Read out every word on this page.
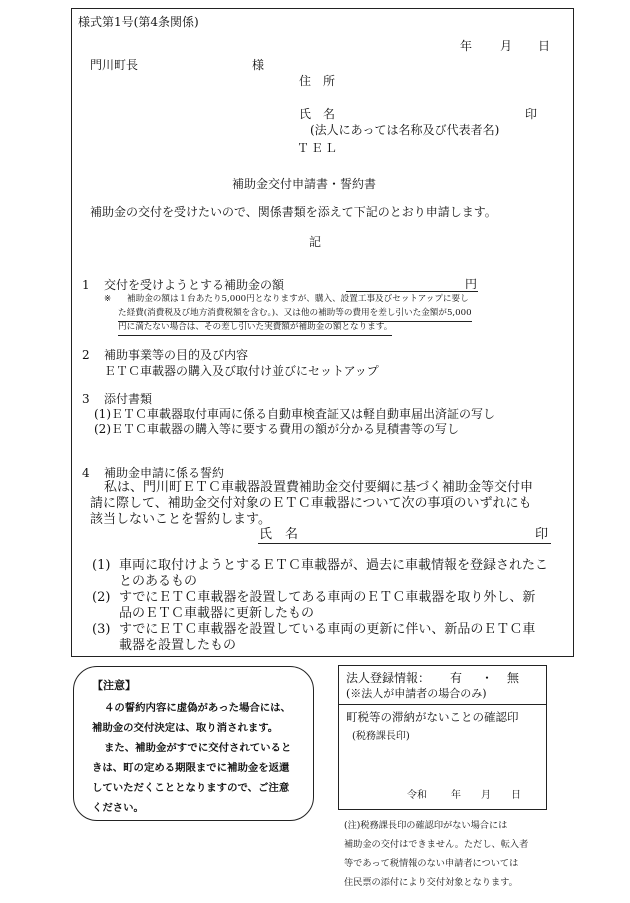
様式第1号(第4条関係)
年 月 日
門川町長	様
住　所
氏　名	印
(法人にあっては名称及び代表者名)
ＴＥＬ
補助金交付申請書・誓約書
補助金の交付を受けたいので、関係書類を添えて下記のとおり申請します。
記
1 交付を受けようとする補助金の額	円
※ 補助金の額は１台あたり5,000円となりますが、購入、設置工事及びセットアップに要し
た経費(消費税及び地方消費税額を含む。)、又は他の補助等の費用を差し引いた金額が5,000
円に満たない場合は、その差し引いた実費額が補助金の額となります。
2 補助事業等の目的及び内容
ＥＴＣ車載器の購入及び取付け並びにセットアップ
3 添付書類
(1)ＥＴＣ車載器取付車両に係る自動車検査証又は軽自動車届出済証の写し
(2)ＥＴＣ車載器の購入等に要する費用の額が分かる見積書等の写し
4 補助金申請に係る誓約
私は、門川町ＥＴＣ車載器設置費補助金交付要綱に基づく補助金等交付申
請に際して、補助金交付対象のＥＴＣ車載器について次の事項のいずれにも
該当しないことを誓約します。
氏　名	印
(1) 車両に取付けようとするＥＴＣ車載器が、過去に車載情報を登録されたこ
とのあるもの
(2) すでにＥＴＣ車載器を設置してある車両のＥＴＣ車載器を取り外し、新
品のＥＴＣ車載器に更新したもの
(3) すでにＥＴＣ車載器を設置している車両の更新に伴い、新品のＥＴＣ車
載器を設置したもの
【注意】
４の誓約内容に虚偽があった場合には、
補助金の交付決定は、取り消されます。
また、補助金がすでに交付されていると
きは、町の定める期限までに補助金を返還
していただくこととなりますので、ご注意
ください。
法人登録情報： 有 ・ 無
(※法人が申請者の場合のみ)
町税等の滞納がないことの確認印
(税務課長印)
令和 年 月 日
(注)税務課長印の確認印がない場合には
補助金の交付はできません。ただし、転入者
等であって税情報のない申請者については
住民票の添付により交付対象となります。
